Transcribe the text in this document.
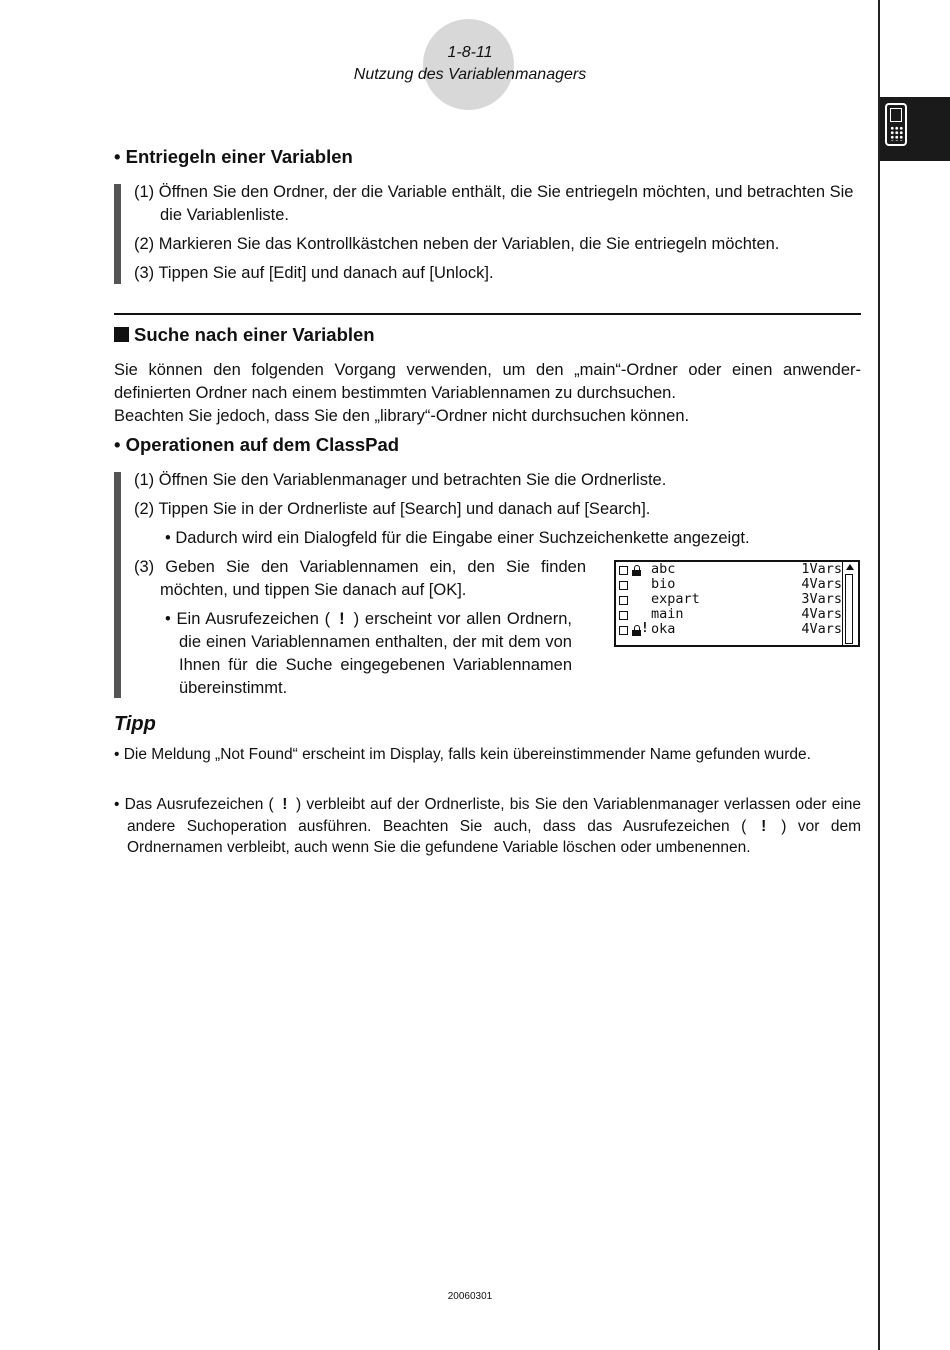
1-8-11
Nutzung des Variablenmanagers
• Entriegeln einer Variablen
(1) Öffnen Sie den Ordner, der die Variable enthält, die Sie entriegeln möchten, und betrachten Sie die Variablenliste.
(2) Markieren Sie das Kontrollkästchen neben der Variablen, die Sie entriegeln möchten.
(3) Tippen Sie auf [Edit] und danach auf [Unlock].
Suche nach einer Variablen
Sie können den folgenden Vorgang verwenden, um den „main“-Ordner oder einen anwenderdefinierten Ordner nach einem bestimmten Variablennamen zu durchsuchen.
Beachten Sie jedoch, dass Sie den „library“-Ordner nicht durchsuchen können.
• Operationen auf dem ClassPad
(1) Öffnen Sie den Variablenmanager und betrachten Sie die Ordnerliste.
(2) Tippen Sie in der Ordnerliste auf [Search] und danach auf [Search].
• Dadurch wird ein Dialogfeld für die Eingabe einer Suchzeichenkette angezeigt.
(3) Geben Sie den Variablennamen ein, den Sie finden möchten, und tippen Sie danach auf [OK].
• Ein Ausrufezeichen ( ! ) erscheint vor allen Ordnern, die einen Variablennamen enthalten, der mit dem von Ihnen für die Suche eingegebenen Variablennamen übereinstimmt.
abc	1Vars
bio	4Vars
expart	3Vars
main	4Vars
! oka	4Vars
Tipp
• Die Meldung „Not Found“ erscheint im Display, falls kein übereinstimmender Name gefunden wurde.
• Das Ausrufezeichen ( ! ) verbleibt auf der Ordnerliste, bis Sie den Variablenmanager verlassen oder eine andere Suchoperation ausführen. Beachten Sie auch, dass das Ausrufezeichen ( ! ) vor dem Ordnernamen verbleibt, auch wenn Sie die gefundene Variable löschen oder umbenennen.
20060301
